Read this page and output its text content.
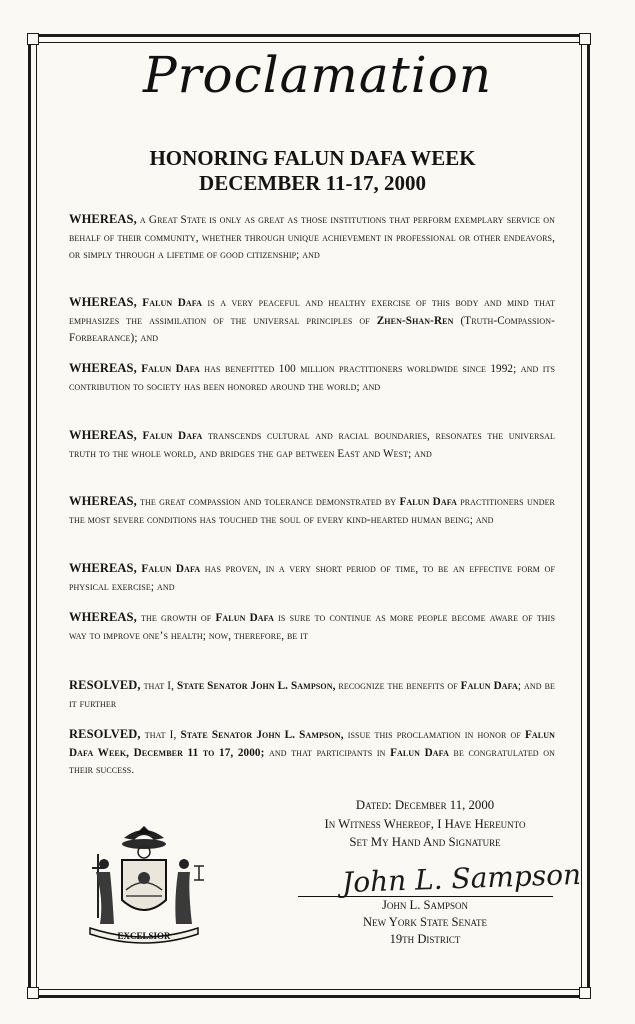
Proclamation
HONORING FALUN DAFA WEEK
DECEMBER 11-17, 2000
WHEREAS, a Great State is only as great as those institutions that perform exemplary service on behalf of their community, whether through unique achievement in professional or other endeavors, or simply through a lifetime of good citizenship; and
WHEREAS, Falun Dafa is a very peaceful and healthy exercise of this body and mind that emphasizes the assimilation of the universal principles of Zhen-Shan-Ren (Truth-Compassion-Forbearance); and
WHEREAS, Falun Dafa has benefitted 100 million practitioners worldwide since 1992; and its contribution to society has been honored around the world; and
WHEREAS, Falun Dafa transcends cultural and racial boundaries, resonates the universal truth to the whole world, and bridges the gap between East and West; and
WHEREAS, the great compassion and tolerance demonstrated by Falun Dafa practitioners under the most severe conditions has touched the soul of every kind-hearted human being; and
WHEREAS, Falun Dafa has proven, in a very short period of time, to be an effective form of physical exercise; and
WHEREAS, the growth of Falun Dafa is sure to continue as more people become aware of this way to improve one’s health; now, therefore, be it
RESOLVED, that I, State Senator John L. Sampson, recognize the benefits of Falun Dafa; and be it further
RESOLVED, that I, State Senator John L. Sampson, issue this proclamation in honor of Falun Dafa Week, December 11 to 17, 2000; and that participants in Falun Dafa be congratulated on their success.
Dated: December 11, 2000
In Witness Whereof, I Have Hereunto
Set My Hand And Signature
John L. Sampson
John L. Sampson
New York State Senate
19th District
EXCELSIOR
